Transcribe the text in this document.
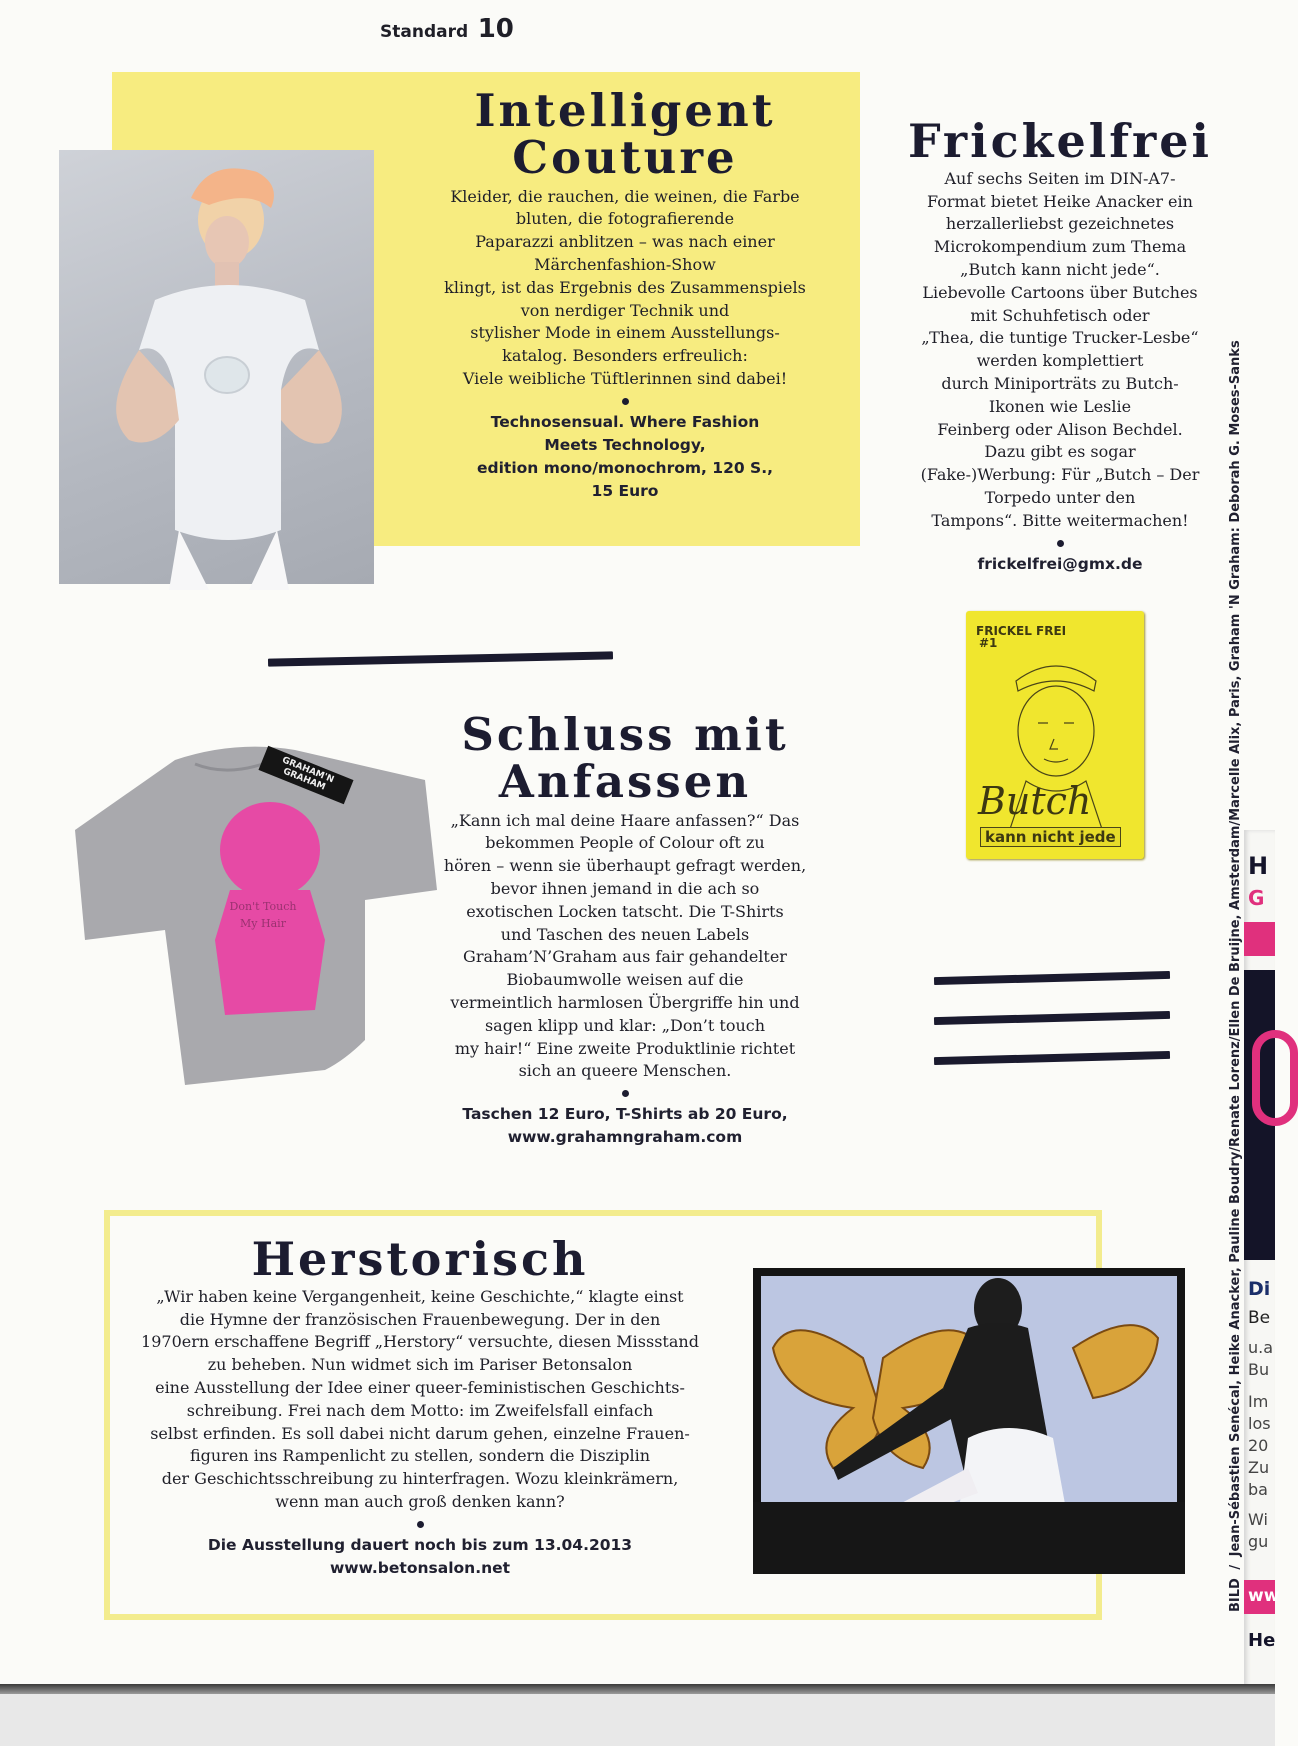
Standard 10
Intelligent
Couture

Kleider, die rauchen, die weinen, die Farbe
bluten, die fotografierende
Paparazzi anblitzen – was nach einer
Märchenfashion-Show
klingt, ist das Ergebnis des Zusammenspiels
von nerdiger Technik und
stylisher Mode in einem Ausstellungs-
katalog. Besonders erfreulich:
Viele weibliche Tüftlerinnen sind dabei!

Technosensual. Where Fashion
Meets Technology,
edition mono/monochrom, 120 S.,
15 Euro
Frickelfrei

Auf sechs Seiten im DIN-A7-
Format bietet Heike Anacker ein
herzallerliebst gezeichnetes
Microkompendium zum Thema
„Butch kann nicht jede“.
Liebevolle Cartoons über Butches
mit Schuhfetisch oder
„Thea, die tuntige Trucker-Lesbe“
werden komplettiert
durch Miniporträts zu Butch-
Ikonen wie Leslie
Feinberg oder Alison Bechdel.
Dazu gibt es sogar
(Fake-)Werbung: Für „Butch – Der
Torpedo unter den
Tampons“. Bitte weitermachen!

frickelfrei@gmx.de
FRICKEL FREI #1
Butch
kann nicht jede
GRAHAM'N GRAHAM
Don't Touch My Hair
Schluss mit
Anfassen

„Kann ich mal deine Haare anfassen?“ Das
bekommen People of Colour oft zu
hören – wenn sie überhaupt gefragt werden,
bevor ihnen jemand in die ach so
exotischen Locken tatscht. Die T-Shirts
und Taschen des neuen Labels
Graham’N’Graham aus fair gehandelter
Biobaumwolle weisen auf die
vermeintlich harmlosen Übergriffe hin und
sagen klipp und klar: „Don’t touch
my hair!“ Eine zweite Produktlinie richtet
sich an queere Menschen.

Taschen 12 Euro, T-Shirts ab 20 Euro,
www.grahamngraham.com
Herstorisch

„Wir haben keine Vergangenheit, keine Geschichte,“ klagte einst
die Hymne der französischen Frauenbewegung. Der in den
1970ern erschaffene Begriff „Herstory“ versuchte, diesen Missstand
zu beheben. Nun widmet sich im Pariser Betonsalon
eine Ausstellung der Idee einer queer-feministischen Geschichts-
schreibung. Frei nach dem Motto: im Zweifelsfall einfach
selbst erfinden. Es soll dabei nicht darum gehen, einzelne Frauen-
figuren ins Rampenlicht zu stellen, sondern die Disziplin
der Geschichtsschreibung zu hinterfragen. Wozu kleinkrämern,
wenn man auch groß denken kann?

Die Ausstellung dauert noch bis zum 13.04.2013
www.betonsalon.net
BILD / Jean-Sébastien Senécal, Heike Anacker, Pauline Boudry/Renate Lorenz/Ellen De Bruijne, Amsterdam/Marcelle Alix, Paris, Graham 'N Graham: Deborah G. Moses-Sanks H
G
Di
Be
u.a
Bu
Im
los
20
Zu
ba
Wi
gu
ww
He
